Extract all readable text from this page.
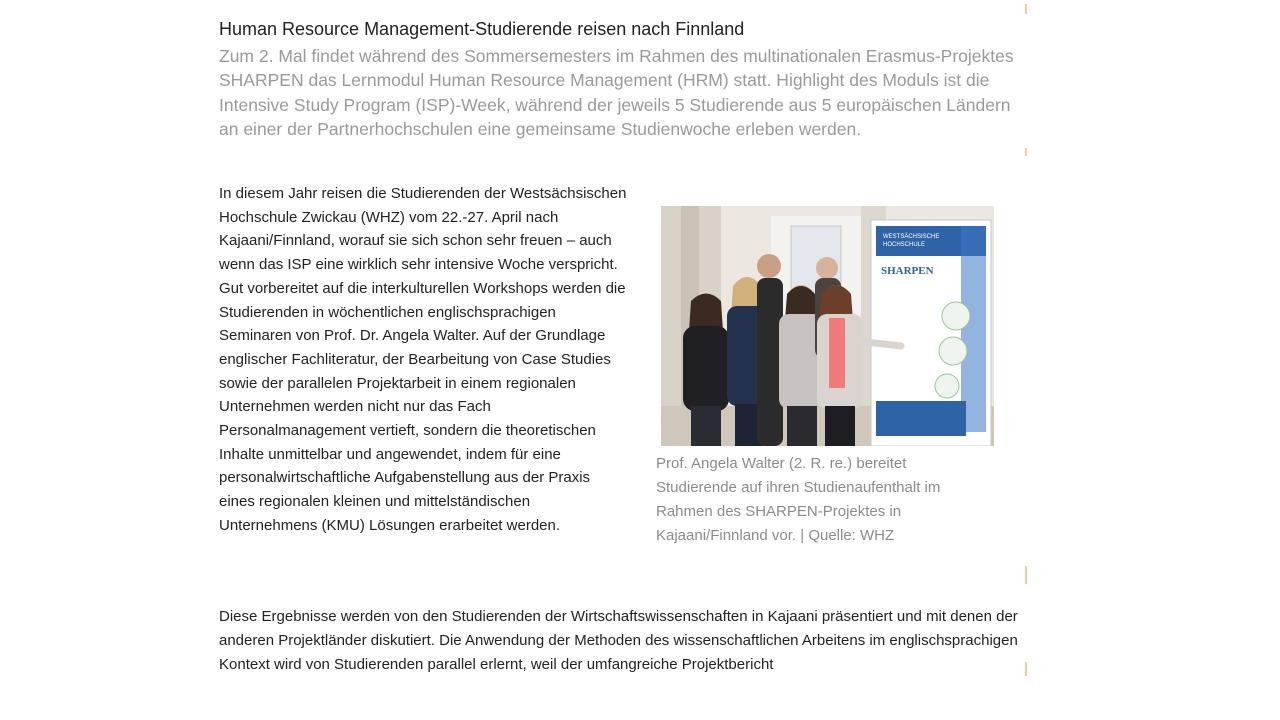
Human Resource Management-Studierende reisen nach Finnland

Zum 2. Mal findet während des Sommersemesters im Rahmen des multinationalen Erasmus-Projektes SHARPEN das Lernmodul Human Resource Management (HRM) statt. Highlight des Moduls ist die Intensive Study Program (ISP)-Week, während der jeweils 5 Studierende aus 5 europäischen Ländern an einer der Partnerhochschulen eine gemeinsame Studienwoche erleben werden.

In diesem Jahr reisen die Studierenden der Westsächsischen Hochschule Zwickau (WHZ) vom 22.-27. April nach Kajaani/Finnland, worauf sie sich schon sehr freuen – auch wenn das ISP eine wirklich sehr intensive Woche verspricht. Gut vorbereitet auf die interkulturellen Workshops werden die Studierenden in wöchentlichen englischsprachigen Seminaren von Prof. Dr. Angela Walter. Auf der Grundlage englischer Fachliteratur, der Bearbeitung von Case Studies sowie der parallelen Projektarbeit in einem regionalen Unternehmen werden nicht nur das Fach Personalmanagement vertieft, sondern die theoretischen Inhalte unmittelbar und angewendet, indem für eine personalwirtschaftliche Aufgabenstellung aus der Praxis eines regionalen kleinen und mittelständischen Unternehmens (KMU) Lösungen erarbeitet werden.
WESTSÄCHSISCHE
HOCHSCHULE
SHARPEN
Prof. Angela Walter (2. R. re.) bereitet Studierende auf ihren Studienaufenthalt im Rahmen des SHARPEN-Projektes in Kajaani/Finnland vor. | Quelle: WHZ
Diese Ergebnisse werden von den Studierenden der Wirtschaftswissenschaften in Kajaani präsentiert und mit denen der anderen Projektländer diskutiert. Die Anwendung der Methoden des wissenschaftlichen Arbeitens im englischsprachigen Kontext wird von Studierenden parallel erlernt, weil der umfangreiche Projektbericht
